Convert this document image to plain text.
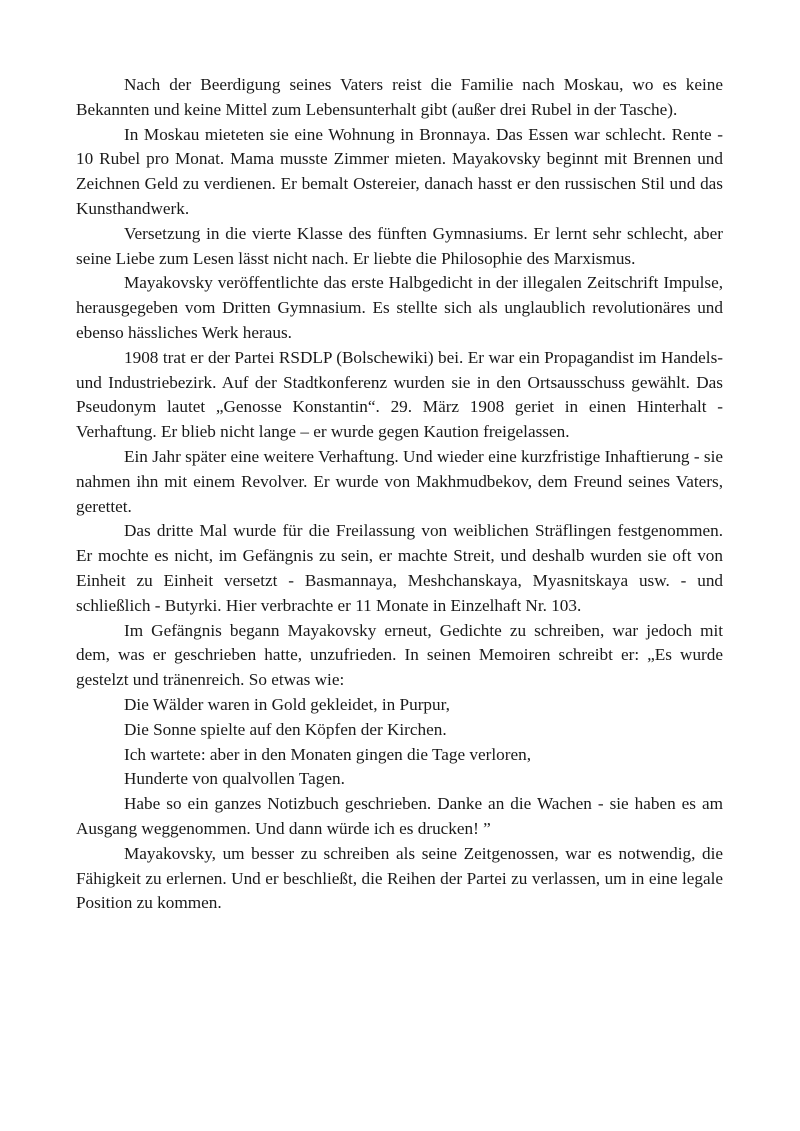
Nach der Beerdigung seines Vaters reist die Familie nach Moskau, wo es keine Bekannten und keine Mittel zum Lebensunterhalt gibt (außer drei Rubel in der Tasche).

In Moskau mieteten sie eine Wohnung in Bronnaya. Das Essen war schlecht. Rente - 10 Rubel pro Monat. Mama musste Zimmer mieten. Mayakovsky beginnt mit Brennen und Zeichnen Geld zu verdienen. Er bemalt Ostereier, danach hasst er den russischen Stil und das Kunsthandwerk.

Versetzung in die vierte Klasse des fünften Gymnasiums. Er lernt sehr schlecht, aber seine Liebe zum Lesen lässt nicht nach. Er liebte die Philosophie des Marxismus.

Mayakovsky veröffentlichte das erste Halbgedicht in der illegalen Zeitschrift Impulse, herausgegeben vom Dritten Gymnasium. Es stellte sich als unglaublich revolutionäres und ebenso hässliches Werk heraus.

1908 trat er der Partei RSDLP (Bolschewiki) bei. Er war ein Propagandist im Handels- und Industriebezirk. Auf der Stadtkonferenz wurden sie in den Ortsausschuss gewählt. Das Pseudonym lautet „Genosse Konstantin“. 29. März 1908 geriet in einen Hinterhalt - Verhaftung. Er blieb nicht lange – er wurde gegen Kaution freigelassen.

Ein Jahr später eine weitere Verhaftung. Und wieder eine kurzfristige Inhaftierung - sie nahmen ihn mit einem Revolver. Er wurde von Makhmudbekov, dem Freund seines Vaters, gerettet.

Das dritte Mal wurde für die Freilassung von weiblichen Sträflingen festgenommen. Er mochte es nicht, im Gefängnis zu sein, er machte Streit, und deshalb wurden sie oft von Einheit zu Einheit versetzt - Basmannaya, Meshchanskaya, Myasnitskaya usw. - und schließlich - Butyrki. Hier verbrachte er 11 Monate in Einzelhaft Nr. 103.

Im Gefängnis begann Mayakovsky erneut, Gedichte zu schreiben, war jedoch mit dem, was er geschrieben hatte, unzufrieden. In seinen Memoiren schreibt er: „Es wurde gestelzt und tränenreich. So etwas wie:

Die Wälder waren in Gold gekleidet, in Purpur,

Die Sonne spielte auf den Köpfen der Kirchen.

Ich wartete: aber in den Monaten gingen die Tage verloren,

Hunderte von qualvollen Tagen.

Habe so ein ganzes Notizbuch geschrieben. Danke an die Wachen - sie haben es am Ausgang weggenommen. Und dann würde ich es drucken! ”

Mayakovsky, um besser zu schreiben als seine Zeitgenossen, war es notwendig, die Fähigkeit zu erlernen. Und er beschließt, die Reihen der Partei zu verlassen, um in eine legale Position zu kommen.
